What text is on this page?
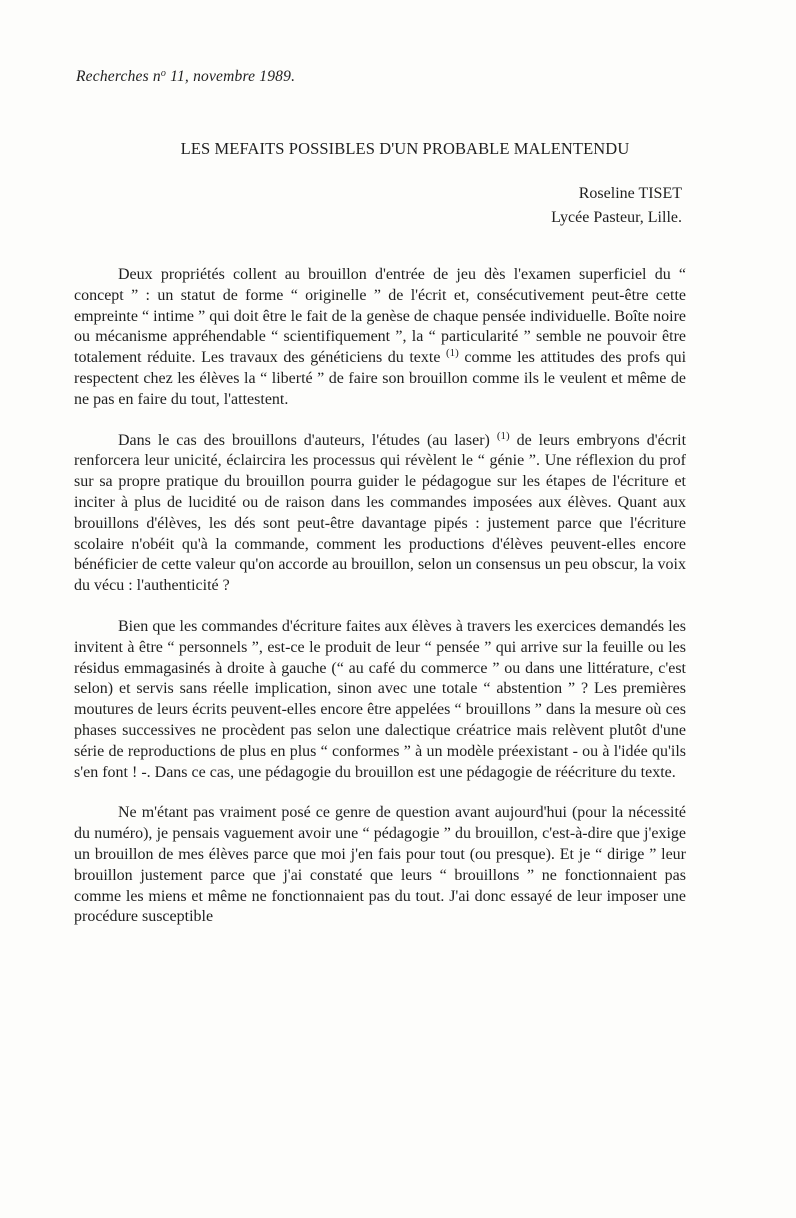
Recherches $n^o$ 11, novembre 1989.
LES MEFAITS POSSIBLES D'UN PROBABLE MALENTENDU
Roseline TISET
Lycée Pasteur, Lille.

Deux propriétés collent au brouillon d'entrée de jeu dès l'examen superficiel du “ concept ” : un statut de forme “ originelle ” de l'écrit et, consécutivement peut-être cette empreinte “ intime ” qui doit être le fait de la genèse de chaque pensée individuelle. Boîte noire ou mécanisme appréhendable “ scientifiquement ”, la “ particularité ” semble ne pouvoir être totalement réduite. Les travaux des généticiens du texte $^{(1)}$ comme les attitudes des profs qui respectent chez les élèves la “ liberté ” de faire son brouillon comme ils le veulent et même de ne pas en faire du tout, l'attestent.

Dans le cas des brouillons d'auteurs, l'études (au laser) $^{(1)}$ de leurs embryons d'écrit renforcera leur unicité, éclaircira les processus qui révèlent le “ génie ”. Une réflexion du prof sur sa propre pratique du brouillon pourra guider le pédagogue sur les étapes de l'écriture et inciter à plus de lucidité ou de raison dans les commandes imposées aux élèves. Quant aux brouillons d'élèves, les dés sont peut-être davantage pipés : justement parce que l'écriture scolaire n'obéit qu'à la commande, comment les productions d'élèves peuvent-elles encore bénéficier de cette valeur qu'on accorde au brouillon, selon un consensus un peu obscur, la voix du vécu : l'authenticité ?

Bien que les commandes d'écriture faites aux élèves à travers les exercices demandés les invitent à être “ personnels ”, est-ce le produit de leur “ pensée ” qui arrive sur la feuille ou les résidus emmagasinés à droite à gauche (“ au café du commerce ” ou dans une littérature, c'est selon) et servis sans réelle implication, sinon avec une totale “ abstention ” ? Les premières moutures de leurs écrits peuvent-elles encore être appelées “ brouillons ” dans la mesure où ces phases successives ne procèdent pas selon une dalectique créatrice mais relèvent plutôt d'une série de reproductions de plus en plus “ conformes ” à un modèle préexistant - ou à l'idée qu'ils s'en font ! -. Dans ce cas, une pédagogie du brouillon est une pédagogie de réécriture du texte.

Ne m'étant pas vraiment posé ce genre de question avant aujourd'hui (pour la nécessité du numéro), je pensais vaguement avoir une “ pédagogie ” du brouillon, c'est-à-dire que j'exige un brouillon de mes élèves parce que moi j'en fais pour tout (ou presque). Et je “ dirige ” leur brouillon justement parce que j'ai constaté que leurs “ brouillons ” ne fonctionnaient pas comme les miens et même ne fonctionnaient pas du tout. J'ai donc essayé de leur imposer une procédure susceptible
